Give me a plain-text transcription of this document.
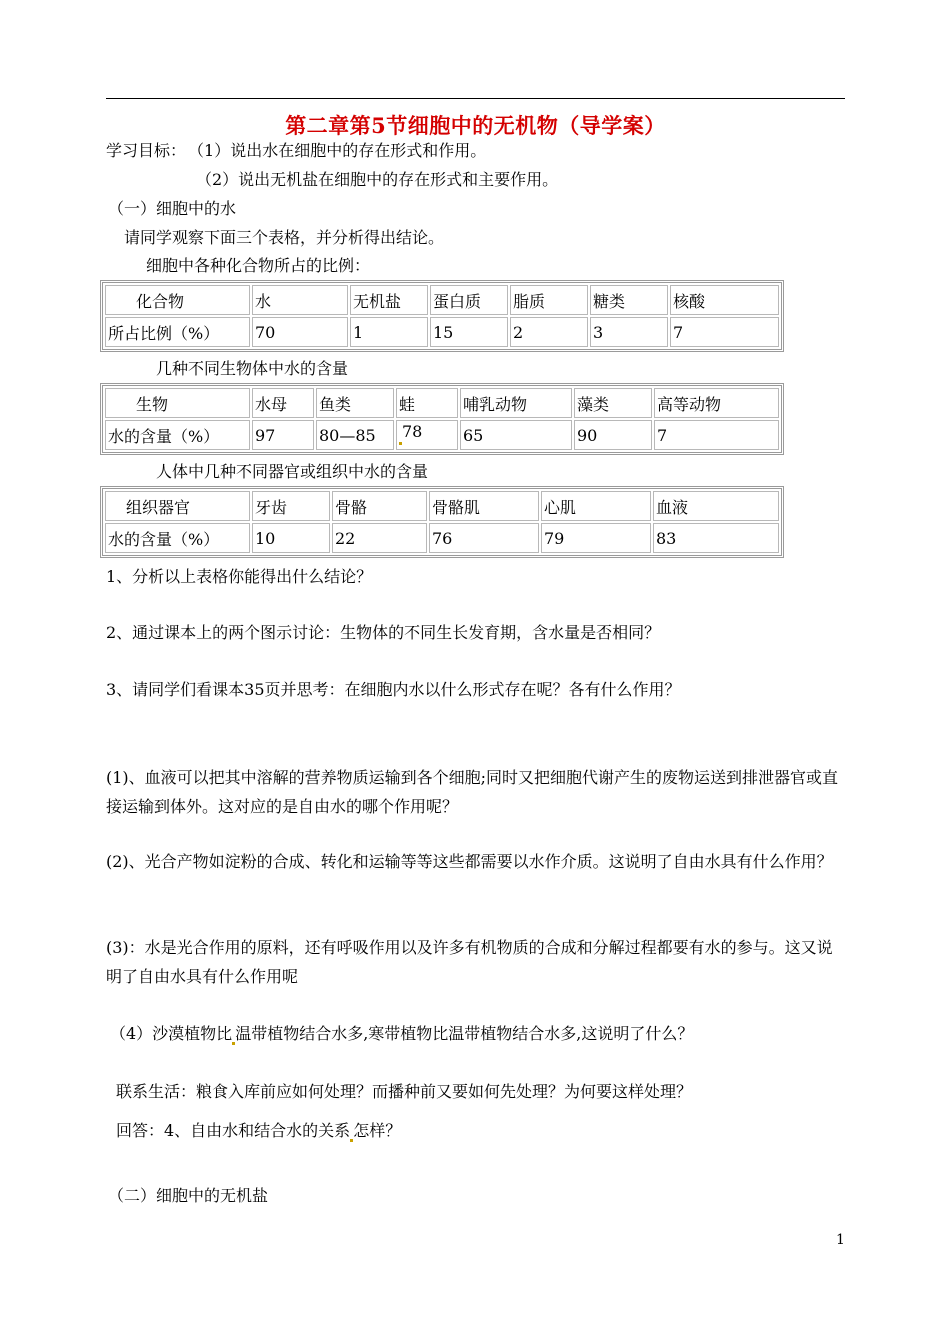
第二章第5节细胞中的无机物（导学案）
学习目标： （1）说出水在细胞中的存在形式和作用。
（2）说出无机盐在细胞中的存在形式和主要作用。
（一）细胞中的水
请同学观察下面三个表格，并分析得出结论。
细胞中各种化合物所占的比例：
化合物	水	无机盐	蛋白质	脂质	糖类	核酸
所占比例（%）	70	1	15	2	3	7
几种不同生物体中水的含量
生物	水母	鱼类	蛙	哺乳动物	藻类	高等动物
水的含量（%）	97	80—85	78	65	90	7
人体中几种不同器官或组织中水的含量
组织器官	牙齿	骨骼	骨骼肌	心肌	血液
水的含量（%）	10	22	76	79	83
1、分析以上表格你能得出什么结论？
2、通过课本上的两个图示讨论：生物体的不同生长发育期，含水量是否相同？
3、请同学们看课本35页并思考：在细胞内水以什么形式存在呢？各有什么作用？
(1)、血液可以把其中溶解的营养物质运输到各个细胞;同时又把细胞代谢产生的废物运送到排泄器官或直接运输到体外。这对应的是自由水的哪个作用呢？
(2)、光合产物如淀粉的合成、转化和运输等等这些都需要以水作介质。这说明了自由水具有什么作用？
(3)：水是光合作用的原料，还有呼吸作用以及许多有机物质的合成和分解过程都要有水的参与。这又说明了自由水具有什么作用呢
（4）沙漠植物比 温带植物结合水多,寒带植物比温带植物结合水多,这说明了什么？
联系生活：粮食入库前应如何处理？而播种前又要如何先处理？为何要这样处理？
回答：4、自由水和结合水的关系 怎样？
（二）细胞中的无机盐
1
